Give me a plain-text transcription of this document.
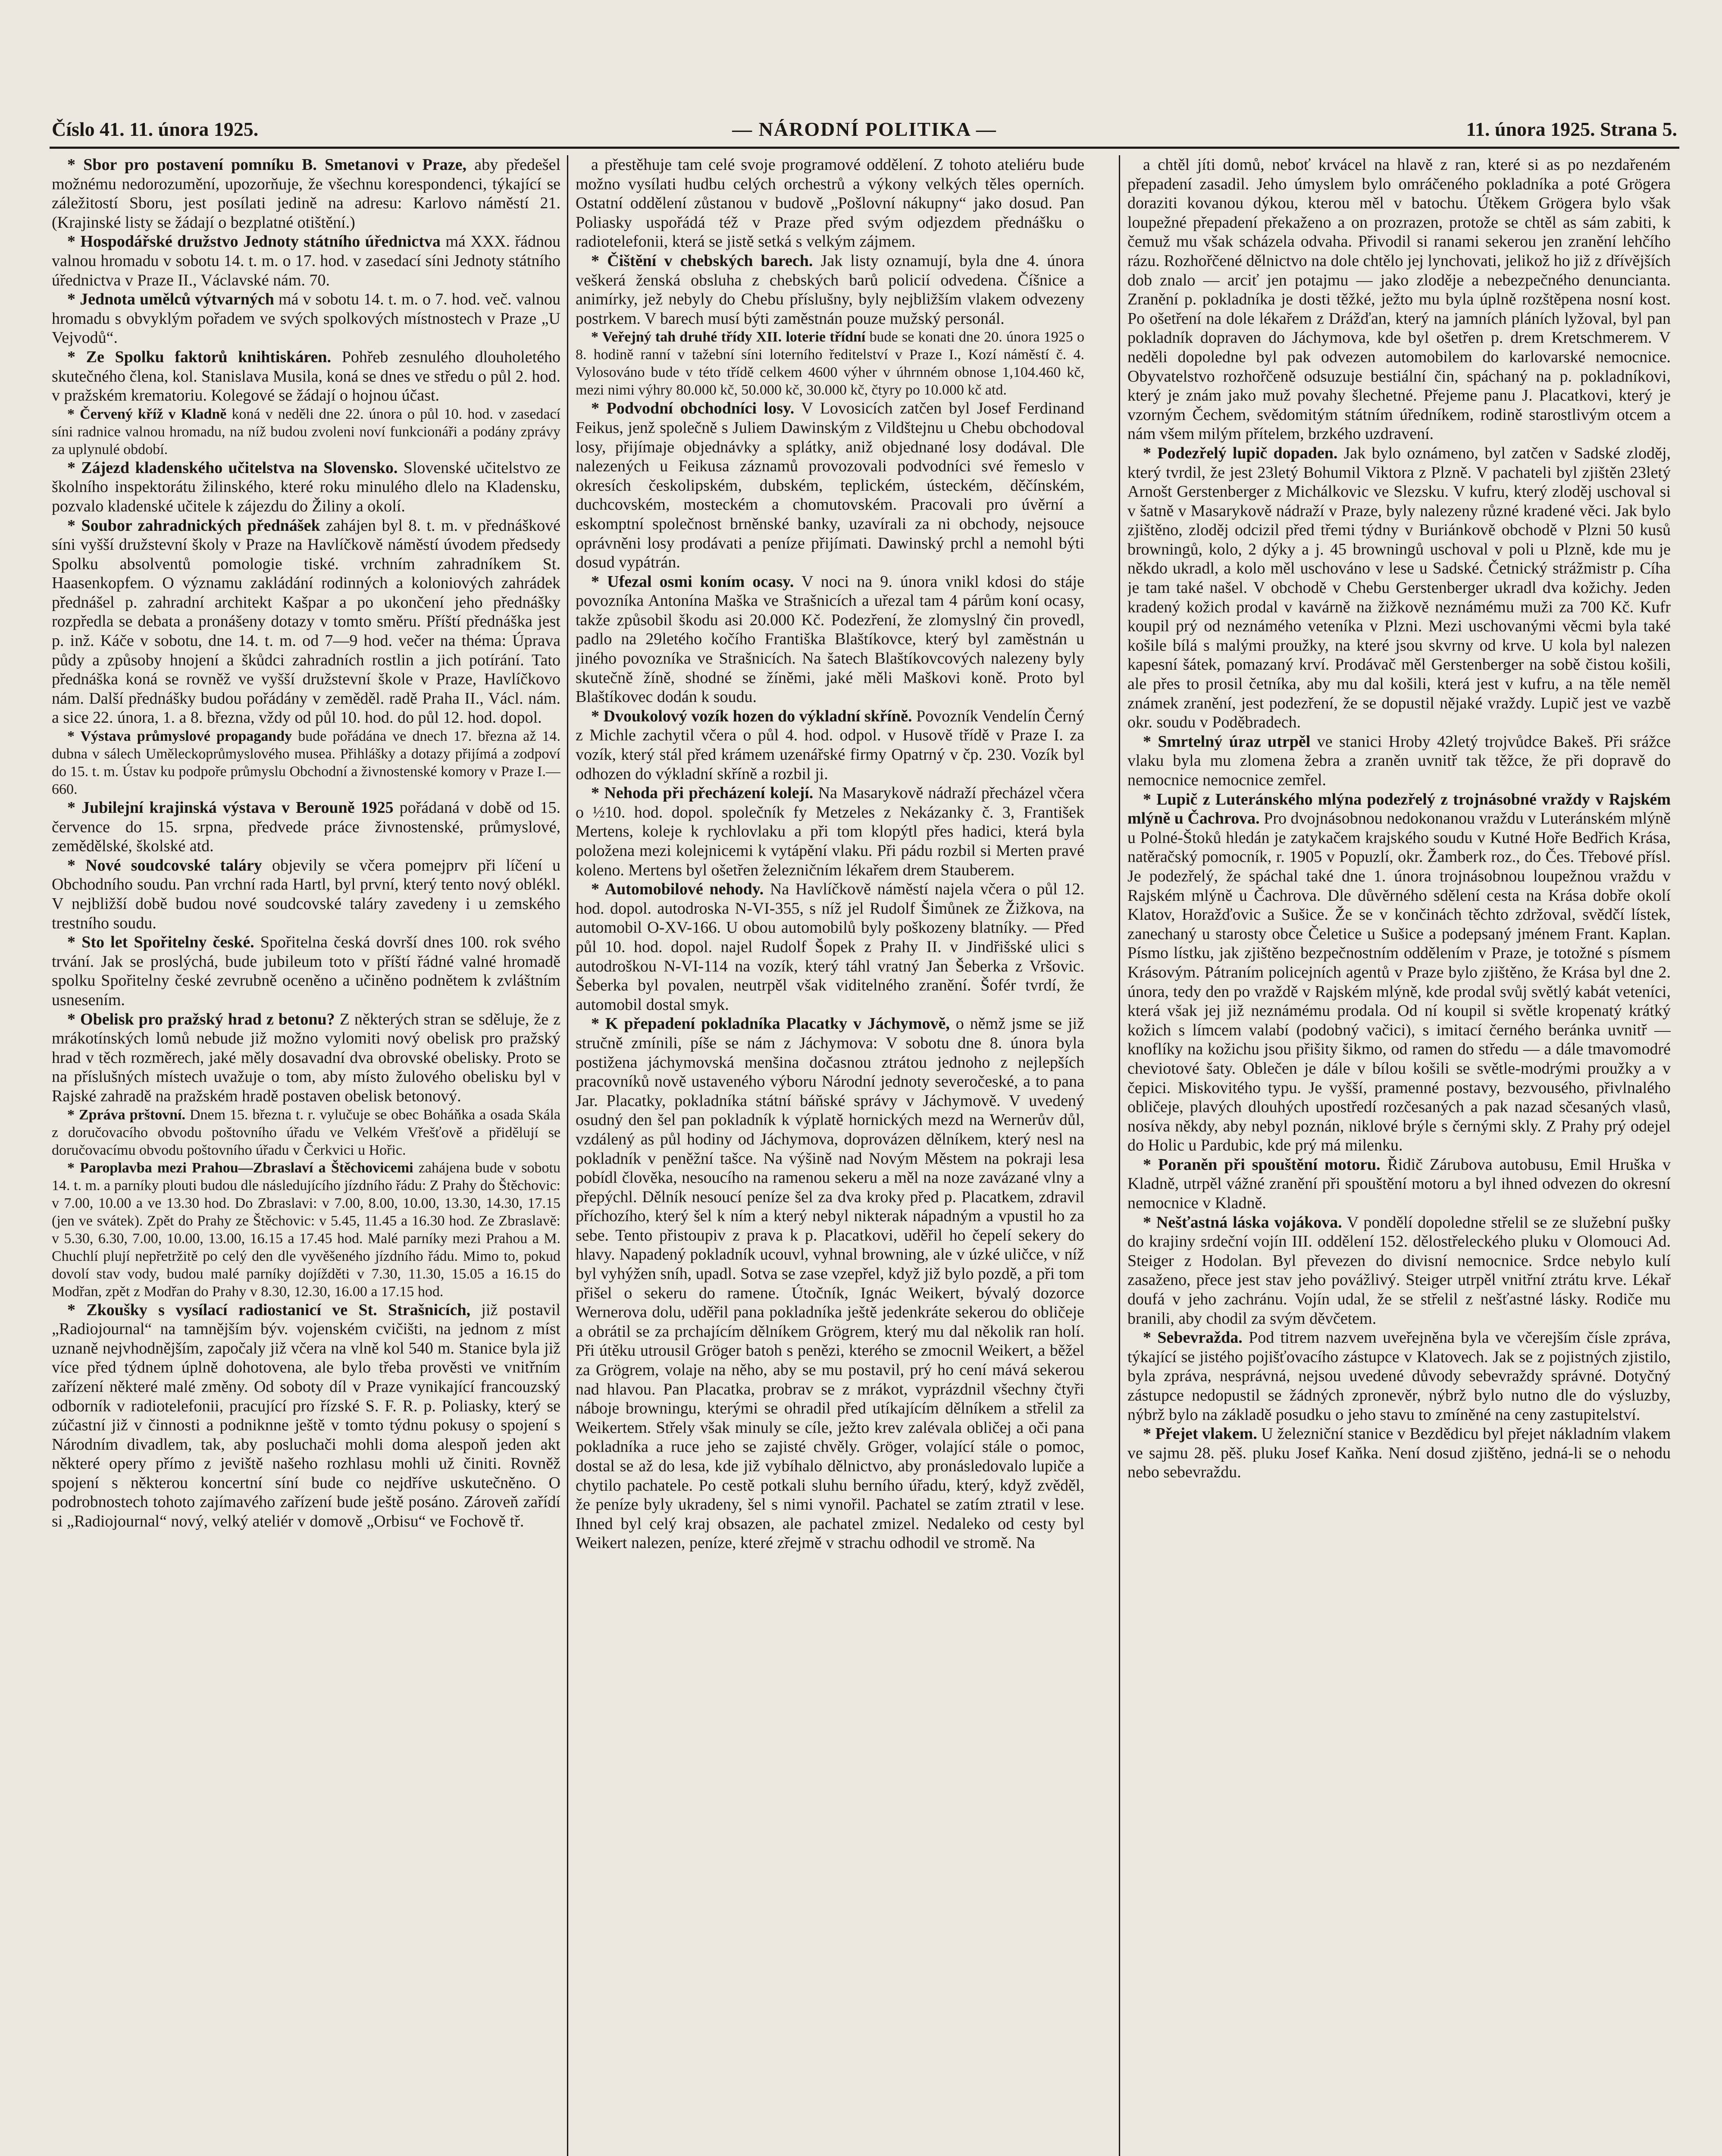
Číslo 41. 11. února 1925.	— NÁRODNÍ POLITIKA —	11. února 1925. Strana 5.

* Sbor pro postavení pomníku B. Smetanovi v Praze, aby předešel možnému nedorozumění, upozorňuje, že všechnu korespondenci, týkající se záležitostí Sboru, jest posílati jedině na adresu: Karlovo náměstí 21. (Krajinské listy se žádají o bezplatné otištění.)

* Hospodářské družstvo Jednoty státního úřednictva má XXX. řádnou valnou hromadu v sobotu 14. t. m. o 17. hod. v zasedací síni Jednoty státního úřednictva v Praze II., Václavské nám. 70.

* Jednota umělců výtvarných má v sobotu 14. t. m. o 7. hod. več. valnou hromadu s obvyklým pořadem ve svých spolkových místnostech v Praze „U Vejvodů“.

* Ze Spolku faktorů knihtiskáren. Pohřeb zesnulého dlouholetého skutečného člena, kol. Stanislava Musila, koná se dnes ve středu o půl 2. hod. v pražském krematoriu. Kolegové se žádají o hojnou účast.

* Červený kříž v Kladně koná v neděli dne 22. února o půl 10. hod. v zasedací síni radnice valnou hromadu, na níž budou zvoleni noví funkcionáři a podány zprávy za uplynulé období.

* Zájezd kladenského učitelstva na Slovensko. Slovenské učitelstvo ze školního inspektorátu žilinského, které roku minulého dlelo na Kladensku, pozvalo kladenské učitele k zájezdu do Žiliny a okolí.

* Soubor zahradnických přednášek zahájen byl 8. t. m. v přednáškové síni vyšší družstevní školy v Praze na Havlíčkově náměstí úvodem předsedy Spolku absolventů pomologie tiské. vrchním zahradníkem St. Haasenkopfem. O významu zakládání rodinných a koloniových zahrádek přednášel p. zahradní architekt Kašpar a po ukončení jeho přednášky rozpředla se debata a pronášeny dotazy v tomto směru. Příští přednáška jest p. inž. Káče v sobotu, dne 14. t. m. od 7—9 hod. večer na théma: Úprava půdy a způsoby hnojení a škůdci zahradních rostlin a jich potírání. Tato přednáška koná se rovněž ve vyšší družstevní škole v Praze, Havlíčkovo nám. Další přednášky budou pořádány v zeměděl. radě Praha II., Václ. nám. a sice 22. února, 1. a 8. března, vždy od půl 10. hod. do půl 12. hod. dopol.

* Výstava průmyslové propagandy bude pořádána ve dnech 17. března až 14. dubna v sálech Uměleckoprůmyslového musea. Přihlášky a dotazy přijímá a zodpoví do 15. t. m. Ústav ku podpoře průmyslu Obchodní a živnostenské komory v Praze I.—660.

* Jubilejní krajinská výstava v Berouně 1925 pořádaná v době od 15. července do 15. srpna, předvede práce živnostenské, průmyslové, zemědělské, školské atd.

* Nové soudcovské taláry objevily se včera pomejprv při líčení u Obchodního soudu. Pan vrchní rada Hartl, byl první, který tento nový oblékl. V nejbližší době budou nové soudcovské taláry zavedeny i u zemského trestního soudu.

* Sto let Spořitelny české. Spořitelna česká dovrší dnes 100. rok svého trvání. Jak se proslýchá, bude jubileum toto v příští řádné valné hromadě spolku Spořitelny české zevrubně oceněno a učiněno podnětem k zvláštním usnesením.

* Obelisk pro pražský hrad z betonu? Z některých stran se sděluje, že z mrákotínských lomů nebude již možno vylomiti nový obelisk pro pražský hrad v těch rozměrech, jaké měly dosavadní dva obrovské obelisky. Proto se na příslušných místech uvažuje o tom, aby místo žulového obelisku byl v Rajské zahradě na pražském hradě postaven obelisk betonový.

* Zpráva prštovní. Dnem 15. března t. r. vylučuje se obec Boháňka a osada Skála z doručovacího obvodu poštovního úřadu ve Velkém Vřešťově a přidělují se doručovacímu obvodu poštovního úřadu v Čerkvici u Hořic.

* Paroplavba mezi Prahou—Zbraslaví a Štěchovicemi zahájena bude v sobotu 14. t. m. a parníky plouti budou dle následujícího jízdního řádu: Z Prahy do Štěchovic: v 7.00, 10.00 a ve 13.30 hod. Do Zbraslavi: v 7.00, 8.00, 10.00, 13.30, 14.30, 17.15 (jen ve svátek). Zpět do Prahy ze Štěchovic: v 5.45, 11.45 a 16.30 hod. Ze Zbraslavě: v 5.30, 6.30, 7.00, 10.00, 13.00, 16.15 a 17.45 hod. Malé parníky mezi Prahou a M. Chuchlí plují nepřetržitě po celý den dle vyvěšeného jízdního řádu. Mimo to, pokud dovolí stav vody, budou malé parníky dojížděti v 7.30, 11.30, 15.05 a 16.15 do Modřan, zpět z Modřan do Prahy v 8.30, 12.30, 16.00 a 17.15 hod.

* Zkoušky s vysílací radiostanicí ve St. Strašnicích, již postavil „Radiojournal“ na tamnějším býv. vojenském cvičišti, na jednom z míst uznaně nejvhodnějším, započaly již včera na vlně kol 540 m. Stanice byla již více před týdnem úplně dohotovena, ale bylo třeba prověsti ve vnitřním zařízení některé malé změny. Od soboty díl v Praze vynikající francouzský odborník v radiotelefonii, pracující pro řízské S. F. R. p. Poliasky, který se zúčastní již v činnosti a podniknne ještě v tomto týdnu pokusy o spojení s Národním divadlem, tak, aby posluchači mohli doma alespoň jeden akt některé opery přímo z jeviště našeho rozhlasu mohli už činiti. Rovněž spojení s některou koncertní síní bude co nejdříve uskutečněno. O podrobnostech tohoto zajímavého zařízení bude ještě posáno. Zároveň zařídí si „Radiojournal“ nový, velký ateliér v domově „Orbisu“ ve Fochově tř.

a přestěhuje tam celé svoje programové oddělení. Z tohoto ateliéru bude možno vysílati hudbu celých orchestrů a výkony velkých těles operních. Ostatní oddělení zůstanou v budově „Pošlovní nákupny“ jako dosud. Pan Poliasky uspořádá též v Praze před svým odjezdem přednášku o radiotelefonii, která se jistě setká s velkým zájmem.

* Čištění v chebských barech. Jak listy oznamují, byla dne 4. února veškerá ženská obsluha z chebských barů policií odvedena. Číšnice a animírky, jež nebyly do Chebu příslušny, byly nejbližším vlakem odvezeny postrkem. V barech musí býti zaměstnán pouze mužský personál.

* Veřejný tah druhé třídy XII. loterie třídní bude se konati dne 20. února 1925 o 8. hodině ranní v tažební síni loterního ředitelství v Praze I., Kozí náměstí č. 4. Vylosováno bude v této třídě celkem 4600 výher v úhrnném obnose 1,104.460 kč, mezi nimi výhry 80.000 kč, 50.000 kč, 30.000 kč, čtyry po 10.000 kč atd.

* Podvodní obchodníci losy. V Lovosicích zatčen byl Josef Ferdinand Feikus, jenž společně s Juliem Dawinským z Vildštejnu u Chebu obchodoval losy, přijímaje objednávky a splátky, aniž objednané losy dodával. Dle nalezených u Feikusa záznamů provozovali podvodníci své řemeslo v okresích českolipském, dubském, teplickém, ústeckém, děčínském, duchcovském, mosteckém a chomutovském. Pracovali pro úvěrní a eskomptní společnost brněnské banky, uzavírali za ni obchody, nejsouce oprávněni losy prodávati a peníze přijímati. Dawinský prchl a nemohl býti dosud vypátrán.

* Ufezal osmi koním ocasy. V noci na 9. února vnikl kdosi do stáje povozníka Antonína Maška ve Strašnicích a uřezal tam 4 párům koní ocasy, takže způsobil škodu asi 20.000 Kč. Podezření, že zlomyslný čin provedl, padlo na 29letého kočího Františka Blaštíkovce, který byl zaměstnán u jiného povozníka ve Strašnicích. Na šatech Blaštíkovcových nalezeny byly skutečně žíně, shodné se žíněmi, jaké měli Maškovi koně. Proto byl Blaštíkovec dodán k soudu.

* Dvoukolový vozík hozen do výkladní skříně. Povozník Vendelín Černý z Michle zachytil včera o půl 4. hod. odpol. v Husově třídě v Praze I. za vozík, který stál před krámem uzenářské firmy Opatrný v čp. 230. Vozík byl odhozen do výkladní skříně a rozbil ji.

* Nehoda při přecházení kolejí. Na Masarykově nádraží přecházel včera o ½10. hod. dopol. společník fy Metzeles z Nekázanky č. 3, František Mertens, koleje k rychlovlaku a při tom klopýtl přes hadici, která byla položena mezi kolejnicemi k vytápění vlaku. Při pádu rozbil si Merten pravé koleno. Mertens byl ošetřen železničním lékařem drem Stauberem.

* Automobilové nehody. Na Havlíčkově náměstí najela včera o půl 12. hod. dopol. autodroska N-VI-355, s níž jel Rudolf Šimůnek ze Žižkova, na automobil O-XV-166. U obou automobilů byly poškozeny blatníky. — Před půl 10. hod. dopol. najel Rudolf Šopek z Prahy II. v Jindřišské ulici s autodroškou N-VI-114 na vozík, který táhl vratný Jan Šeberka z Vršovic. Šeberka byl povalen, neutrpěl však viditelného zranění. Šofér tvrdí, že automobil dostal smyk.

* K přepadení pokladníka Placatky v Jáchymově, o němž jsme se již stručně zmínili, píše se nám z Jáchymova: V sobotu dne 8. února byla postižena jáchymovská menšina dočasnou ztrátou jednoho z nejlepších pracovníků nově ustaveného výboru Národní jednoty severočeské, a to pana Jar. Placatky, pokladníka státní báňské správy v Jáchymově. V uvedený osudný den šel pan pokladník k výplatě hornických mezd na Wernerův důl, vzdálený as půl hodiny od Jáchymova, doprovázen dělníkem, který nesl na pokladník v peněžní tašce. Na výšině nad Novým Městem na pokraji lesa pobídl člověka, nesoucího na ramenou sekeru a měl na noze zavázané vlny a přepýchl. Dělník nesoucí peníze šel za dva kroky před p. Placatkem, zdravil příchozího, který šel k ním a který nebyl nikterak nápadným a vpustil ho za sebe. Tento přistoupiv z prava k p. Placatkovi, uděřil ho čepelí sekery do hlavy. Napadený pokladník ucouvl, vyhnal browning, ale v úzké uličce, v níž byl vyhýžen sníh, upadl. Sotva se zase vzepřel, když již bylo pozdě, a při tom přišel o sekeru do ramene. Útočník, Ignác Weikert, bývalý dozorce Wernerova dolu, uděřil pana pokladníka ještě jedenkráte sekerou do obličeje a obrátil se za prchajícím dělníkem Grögrem, který mu dal několik ran holí. Při útěku utrousil Gröger batoh s penězi, kterého se zmocnil Weikert, a běžel za Grögrem, volaje na něho, aby se mu postavil, prý ho cení mává sekerou nad hlavou. Pan Placatka, probrav se z mrákot, vyprázdnil všechny čtyři náboje browningu, kterými se ohradil před utíkajícím dělníkem a střelil za Weikertem. Střely však minuly se cíle, ježto krev zalévala obličej a oči pana pokladníka a ruce jeho se zajisté chvěly. Gröger, volající stále o pomoc, dostal se až do lesa, kde již vybíhalo dělnictvo, aby pronásledovalo lupiče a chytilo pachatele. Po cestě potkali sluhu berního úřadu, který, když zvěděl, že peníze byly ukradeny, šel s nimi vynořil. Pachatel se zatím ztratil v lese. Ihned byl celý kraj obsazen, ale pachatel zmizel. Nedaleko od cesty byl Weikert nalezen, peníze, které zřejmě v strachu odhodil ve stromě. Na

a chtěl jíti domů, neboť krvácel na hlavě z ran, které si as po nezdařeném přepadení zasadil. Jeho úmyslem bylo omráčeného pokladníka a poté Grögera doraziti kovanou dýkou, kterou měl v batochu. Útěkem Grögera bylo však loupežné přepadení překaženo a on prozrazen, protože se chtěl as sám zabiti, k čemuž mu však scházela odvaha. Přivodil si ranami sekerou jen zranění lehčího rázu. Rozhořčené dělnictvo na dole chtělo jej lynchovati, jelikož ho již z dřívějších dob znalo — arciť jen potajmu — jako zloděje a nebezpečného denuncianta. Zranění p. pokladníka je dosti těžké, ježto mu byla úplně rozštěpena nosní kost. Po ošetření na dole lékařem z Drážďan, který na jamních pláních lyžoval, byl pan pokladník dopraven do Jáchymova, kde byl ošetřen p. drem Kretschmerem. V neděli dopoledne byl pak odvezen automobilem do karlovarské nemocnice. Obyvatelstvo rozhořčeně odsuzuje bestiální čin, spáchaný na p. pokladníkovi, který je znám jako muž povahy šlechetné. Přejeme panu J. Placatkovi, který je vzorným Čechem, svědomitým státním úředníkem, rodině starostlivým otcem a nám všem milým přítelem, brzkého uzdravení.

* Podezřelý lupič dopaden. Jak bylo oznámeno, byl zatčen v Sadské zloděj, který tvrdil, že jest 23letý Bohumil Viktora z Plzně. V pachateli byl zjištěn 23letý Arnošt Gerstenberger z Michálkovic ve Slezsku. V kufru, který zloděj uschoval si v šatně v Masarykově nádraží v Praze, byly nalezeny různé kradené věci. Jak bylo zjištěno, zloděj odcizil před třemi týdny v Buriánkově obchodě v Plzni 50 kusů browningů, kolo, 2 dýky a j. 45 browningů uschoval v poli u Plzně, kde mu je někdo ukradl, a kolo měl uschováno v lese u Sadské. Četnický strážmistr p. Cíha je tam také našel. V obchodě v Chebu Gerstenberger ukradl dva kožichy. Jeden kradený kožich prodal v kavárně na žižkově neznámému muži za 700 Kč. Kufr koupil prý od neznámého veteníka v Plzni. Mezi uschovanými věcmi byla také košile bílá s malými proužky, na které jsou skvrny od krve. U kola byl nalezen kapesní šátek, pomazaný krví. Prodávač měl Gerstenberger na sobě čistou košili, ale přes to prosil četníka, aby mu dal košili, která jest v kufru, a na těle neměl známek zranění, jest podezření, že se dopustil nějaké vraždy. Lupič jest ve vazbě okr. soudu v Poděbradech.

* Smrtelný úraz utrpěl ve stanici Hroby 42letý trojvůdce Bakeš. Při srážce vlaku byla mu zlomena žebra a zraněn uvnitř tak těžce, že při dopravě do nemocnice nemocnice zemřel.

* Lupič z Luteránského mlýna podezřelý z trojnásobné vraždy v Rajském mlýně u Čachrova. Pro dvojnásobnou nedokonanou vraždu v Luteránském mlýně u Polné-Štoků hledán je zatykačem krajského soudu v Kutné Hoře Bedřich Krása, natěračský pomocník, r. 1905 v Popuzlí, okr. Žamberk roz., do Čes. Třebové přísl. Je podezřelý, že spáchal také dne 1. února trojnásobnou loupežnou vraždu v Rajském mlýně u Čachrova. Dle důvěrného sdělení cesta na Krása dobře okolí Klatov, Horažďovic a Sušice. Že se v končinách těchto zdržoval, svědčí lístek, zanechaný u starosty obce Čeletice u Sušice a podepsaný jménem Frant. Kaplan. Písmo lístku, jak zjištěno bezpečnostním oddělením v Praze, je totožné s písmem Krásovým. Pátraním policejních agentů v Praze bylo zjištěno, že Krása byl dne 2. února, tedy den po vraždě v Rajském mlýně, kde prodal svůj světlý kabát veteníci, která však jej již neznámému prodala. Od ní koupil si světle kropenatý krátký kožich s límcem valabí (podobný vačici), s imitací černého beránka uvnitř — knoflíky na kožichu jsou přišity šikmo, od ramen do středu — a dále tmavomodré cheviotové šaty. Oblečen je dále v bílou košili se světle-modrými proužky a v čepici. Miskovitého typu. Je vyšší, pramenné postavy, bezvousého, přivlnalého obličeje, plavých dlouhých upostředí rozčesaných a pak nazad sčesaných vlasů, nosíva někdy, aby nebyl poznán, niklové brýle s černými skly. Z Prahy prý odejel do Holic u Pardubic, kde prý má milenku.

* Poraněn při spouštění motoru. Řidič Zárubova autobusu, Emil Hruška v Kladně, utrpěl vážné zranění při spouštění motoru a byl ihned odvezen do okresní nemocnice v Kladně.

* Nešťastná láska vojákova. V pondělí dopoledne střelil se ze služební pušky do krajiny srdeční vojín III. oddělení 152. dělostřeleckého pluku v Olomouci Ad. Steiger z Hodolan. Byl převezen do divisní nemocnice. Srdce nebylo kulí zasaženo, přece jest stav jeho povážlivý. Steiger utrpěl vnitřní ztrátu krve. Lékař doufá v jeho zachránu. Vojín udal, že se střelil z nešťastné lásky. Rodiče mu branili, aby chodil za svým děvčetem.

* Sebevražda. Pod titrem nazvem uveřejněna byla ve včerejším čísle zpráva, týkající se jistého pojišťovacího zástupce v Klatovech. Jak se z pojistných zjistilo, byla zpráva, nesprávná, nejsou uvedené důvody sebevraždy správné. Dotyčný zástupce nedopustil se žádných zpronevěr, nýbrž bylo nutno dle do výsluzby, nýbrž bylo na základě posudku o jeho stavu to zmíněné na ceny zastupitelství.

* Přejet vlakem. U železniční stanice v Bezdědicu byl přejet nákladním vlakem ve sajmu 28. pěš. pluku Josef Kaňka. Není dosud zjištěno, jedná-li se o nehodu nebo sebevraždu.
